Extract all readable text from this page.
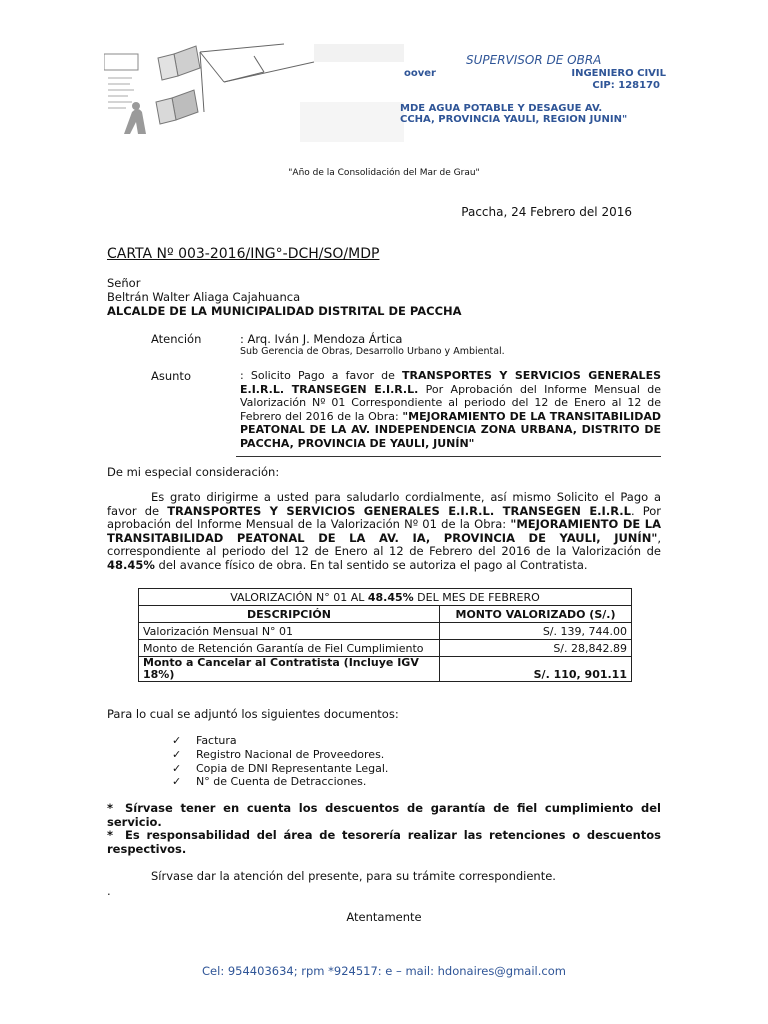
SUPERVISOR DE OBRA
oover	INGENIERO CIVIL
CIP: 128170
MDE AGUA POTABLE Y DESAGUE AV.
CCHA, PROVINCIA YAULI, REGION JUNIN"
"Año de la Consolidación del Mar de Grau"
Paccha, 24 Febrero del 2016
CARTA Nº 003-2016/ING°-DCH/SO/MDP
Señor
Beltrán Walter Aliaga Cajahuanca
ALCALDE DE LA MUNICIPALIDAD DISTRITAL DE PACCHA
Atención	: Arq. Iván J. Mendoza Ártica
Sub Gerencia de Obras, Desarrollo Urbano y Ambiental.
Asunto	: Solicito Pago a favor de TRANSPORTES Y SERVICIOS GENERALES E.I.R.L. TRANSEGEN E.I.R.L. Por Aprobación del Informe Mensual de Valorización Nº 01 Correspondiente al periodo del 12 de Enero al 12 de Febrero del 2016 de la Obra: "MEJORAMIENTO DE LA TRANSITABILIDAD PEATONAL DE LA AV. INDEPENDENCIA ZONA URBANA, DISTRITO DE PACCHA, PROVINCIA DE YAULI, JUNÍN"
De mi especial consideración:
Es grato dirigirme a usted para saludarlo cordialmente, así mismo Solicito el Pago a favor de TRANSPORTES Y SERVICIOS GENERALES E.I.R.L. TRANSEGEN E.I.R.L. Por aprobación del Informe Mensual de la Valorización Nº 01 de la Obra: "MEJORAMIENTO DE LA TRANSITABILIDAD PEATONAL DE LA AV. IA, PROVINCIA DE YAULI, JUNÍN", correspondiente al periodo del 12 de Enero al 12 de Febrero del 2016 de la Valorización de 48.45% del avance físico de obra. En tal sentido se autoriza el pago al Contratista.
VALORIZACIÓN N° 01 AL 48.45% DEL MES DE FEBRERO	
DESCRIPCIÓN	MONTO VALORIZADO (S/.)
Valorización Mensual N° 01	S/. 139, 744.00
Monto de Retención Garantía de Fiel Cumplimiento	S/. 28,842.89
Monto a Cancelar al Contratista (Incluye IGV 18%)	S/. 110, 901.11
Para lo cual se adjuntó los siguientes documentos:
✓ Factura
✓ Registro Nacional de Proveedores.
✓ Copia de DNI Representante Legal.
✓ N° de Cuenta de Detracciones.
* Sírvase tener en cuenta los descuentos de garantía de fiel cumplimiento del servicio.
* Es responsabilidad del área de tesorería realizar las retenciones o descuentos respectivos.
Sírvase dar la atención del presente, para su trámite correspondiente.
.
Atentamente
Cel: 954403634; rpm *924517: e – mail: hdonaires@gmail.com
